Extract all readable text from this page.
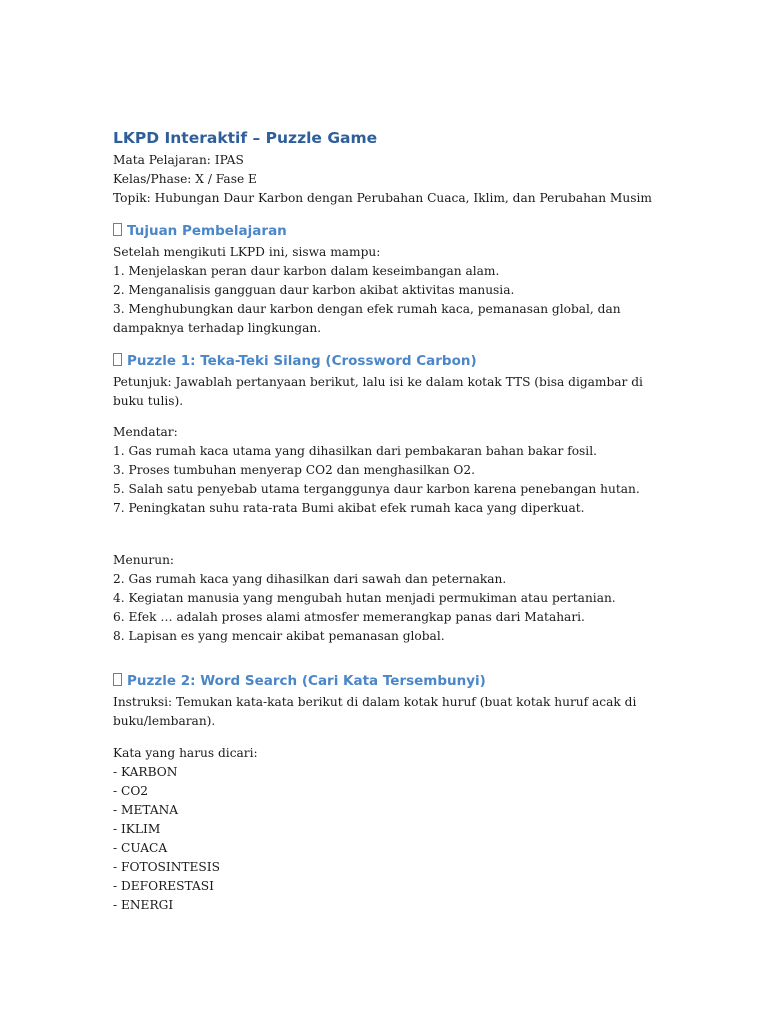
LKPD Interaktif – Puzzle Game
Mata Pelajaran: IPAS
Kelas/Phase: X / Fase E
Topik: Hubungan Daur Karbon dengan Perubahan Cuaca, Iklim, dan Perubahan Musim
Tujuan Pembelajaran
Setelah mengikuti LKPD ini, siswa mampu:
1. Menjelaskan peran daur karbon dalam keseimbangan alam.
2. Menganalisis gangguan daur karbon akibat aktivitas manusia.
3. Menghubungkan daur karbon dengan efek rumah kaca, pemanasan global, dan dampaknya terhadap lingkungan.
Puzzle 1: Teka-Teki Silang (Crossword Carbon)
Petunjuk: Jawablah pertanyaan berikut, lalu isi ke dalam kotak TTS (bisa digambar di buku tulis).
Mendatar:
1. Gas rumah kaca utama yang dihasilkan dari pembakaran bahan bakar fosil.
3. Proses tumbuhan menyerap CO2 dan menghasilkan O2.
5. Salah satu penyebab utama terganggunya daur karbon karena penebangan hutan.
7. Peningkatan suhu rata-rata Bumi akibat efek rumah kaca yang diperkuat.
Menurun:
2. Gas rumah kaca yang dihasilkan dari sawah dan peternakan.
4. Kegiatan manusia yang mengubah hutan menjadi permukiman atau pertanian.
6. Efek … adalah proses alami atmosfer memerangkap panas dari Matahari.
8. Lapisan es yang mencair akibat pemanasan global.
Puzzle 2: Word Search (Cari Kata Tersembunyi)
Instruksi: Temukan kata-kata berikut di dalam kotak huruf (buat kotak huruf acak di buku/lembaran).
Kata yang harus dicari:
- KARBON
- CO2
- METANA
- IKLIM
- CUACA
- FOTOSINTESIS
- DEFORESTASI
- ENERGI
